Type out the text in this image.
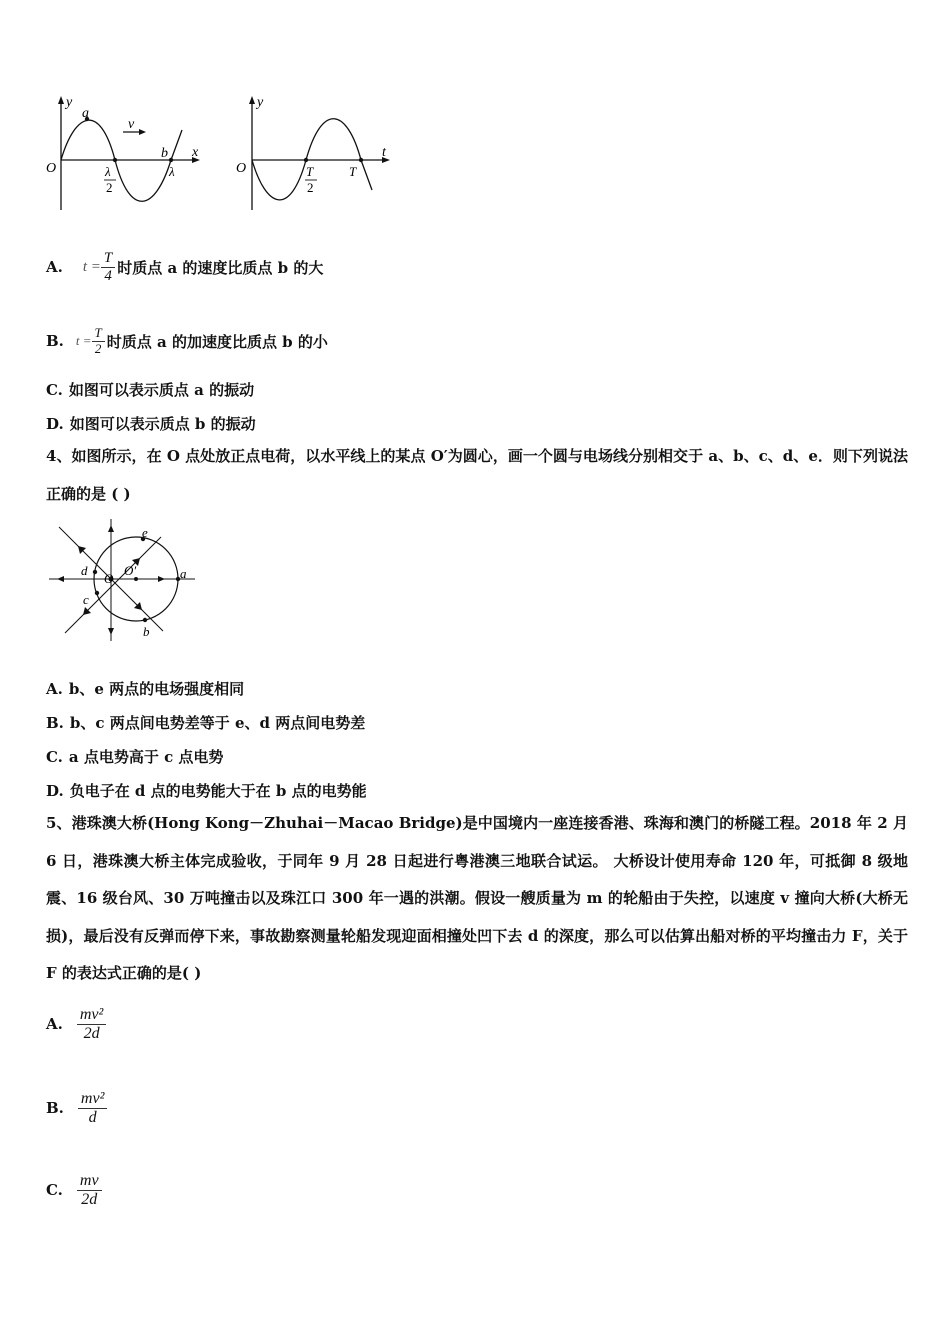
y
a
v
O
b x
λ
λ
2
y
O
t
T
2
T
A. $t = \frac{T}{4}$ 时质点 a 的速度比质点 b 的大
B. $t = \frac{T}{2}$ 时质点 a 的加速度比质点 b 的小
C. 如图可以表示质点 a 的振动
D. 如图可以表示质点 b 的振动
4、如图所示，在 O 点处放正点电荷，以水平线上的某点 O′为圆心，画一个圆与电场线分别相交于 a、b、c、d、e．则下列说法正确的是 ( )
O
O′	a
b
c
d
e
A. b、e 两点的电场强度相同
B. b、c 两点间电势差等于 e、d 两点间电势差
C. a 点电势高于 c 点电势
D. 负电子在 d 点的电势能大于在 b 点的电势能
5、港珠澳大桥(Hong Kong－Zhuhai－Macao Bridge)是中国境内一座连接香港、珠海和澳门的桥隧工程。2018 年 2 月 6 日，港珠澳大桥主体完成验收，于同年 9 月 28 日起进行粤港澳三地联合试运。 大桥设计使用寿命 120 年，可抵御 8 级地震、16 级台风、30 万吨撞击以及珠江口 300 年一遇的洪潮。假设一艘质量为 m 的轮船由于失控，以速度 v 撞向大桥(大桥无损)，最后没有反弹而停下来，事故勘察测量轮船发现迎面相撞处凹下去 d 的深度，那么可以估算出船对桥的平均撞击力 F，关于 F 的表达式正确的是( )
A. $\frac{\text{mv²}}{2d}$
B. $\frac{\text{mv²}}{d}$
C. $\frac{mv}{2d}$
